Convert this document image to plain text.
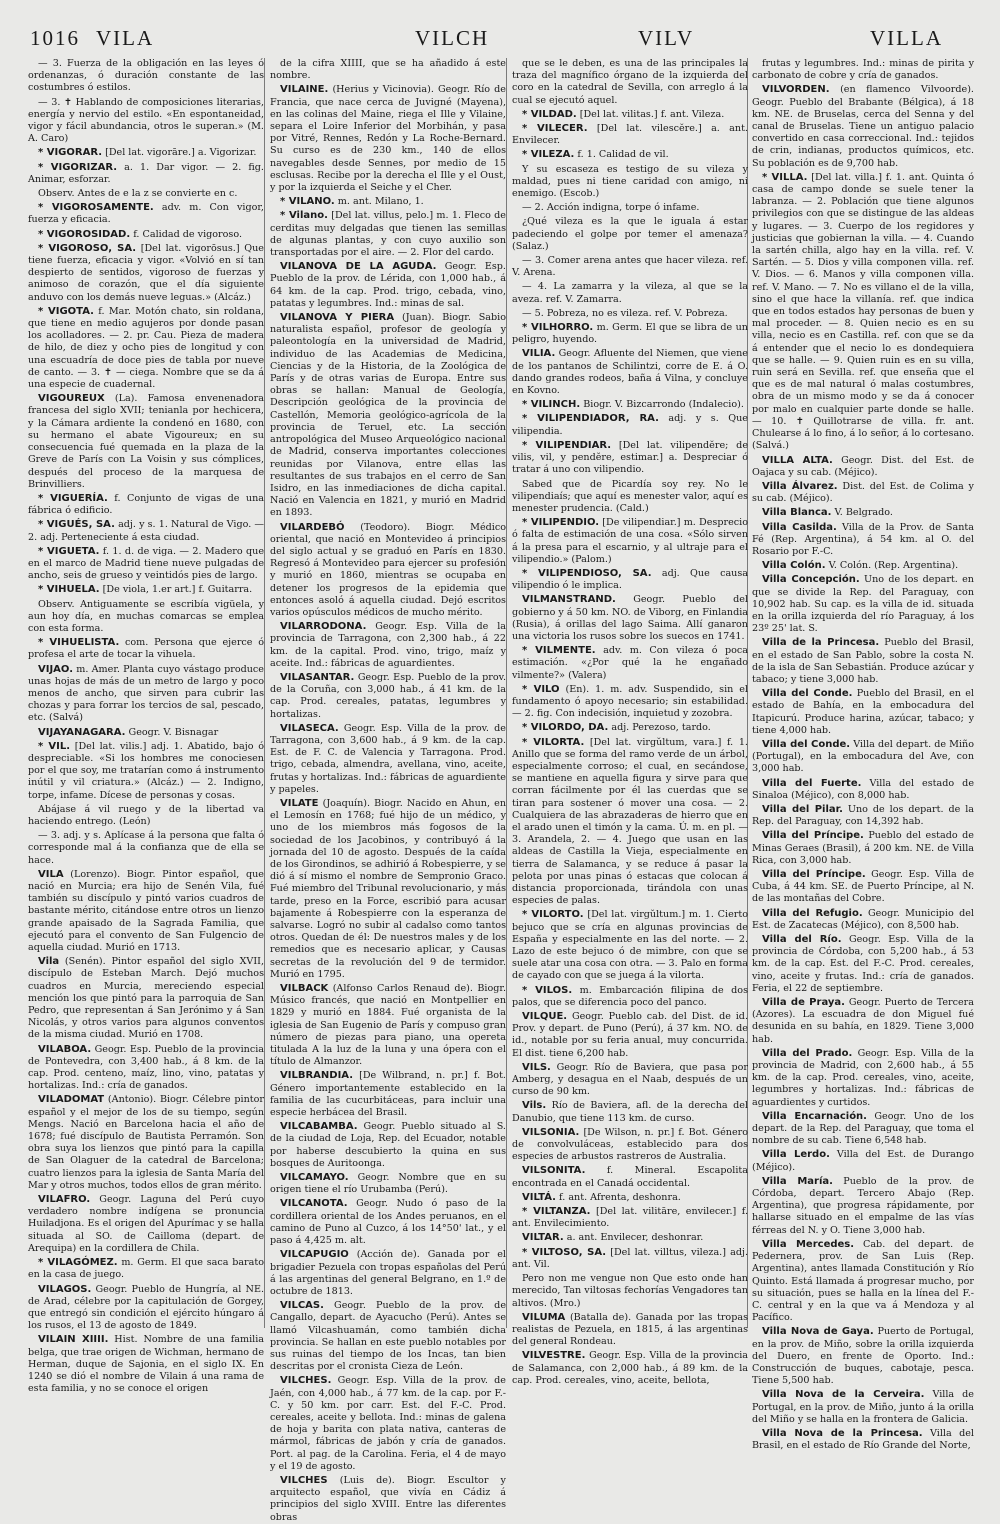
1016 VILA	VILCH	VILV	VILLA

— 3. Fuerza de la obligación en las leyes ó ordenanzas, ó duración constante de las costumbres ó estilos.

— 3. ✝ Hablando de composiciones literarias, energía y nervio del estilo. «En espontaneidad, vigor y fácil abundancia, otros le superan.» (M. A. Caro)

* VIGORAR. [Del lat. vigorāre.] a. Vigorizar.

* VIGORIZAR. a. 1. Dar vigor. — 2. fig. Animar, esforzar.

Observ. Antes de e la z se convierte en c.

* VIGOROSAMENTE. adv. m. Con vigor, fuerza y eficacia.

* VIGOROSIDAD. f. Calidad de vigoroso.

* VIGOROSO, SA. [Del lat. vigorōsus.] Que tiene fuerza, eficacia y vigor. «Volvió en sí tan despierto de sentidos, vigoroso de fuerzas y animoso de corazón, que el día siguiente anduvo con los demás nueve leguas.» (Alcáz.)

* VIGOTA. f. Mar. Motón chato, sin roldana, que tiene en medio agujeros por donde pasan los acolladores. — 2. pr. Cau. Pieza de madera de hilo, de diez y ocho pies de longitud y con una escuadría de doce pies de tabla por nueve de canto. — 3. ✝ — ciega. Nombre que se da á una especie de cuadernal.

VIGOUREUX (La). Famosa envenenadora francesa del siglo XVII; tenianla por hechicera, y la Cámara ardiente la condenó en 1680, con su hermano el abate Vigoureux; en su consecuencia fué quemada en la plaza de la Greve de París con La Voisin y sus cómplices, después del proceso de la marquesa de Brinvilliers.

* VIGUERÍA. f. Conjunto de vigas de una fábrica ó edificio.

* VIGUÉS, SA. adj. y s. 1. Natural de Vigo. — 2. adj. Perteneciente á esta ciudad.

* VIGUETA. f. 1. d. de viga. — 2. Madero que en el marco de Madrid tiene nueve pulgadas de ancho, seis de grueso y veintidós pies de largo.

* VIHUELA. [De viola, 1.er art.] f. Guitarra.

Observ. Antiguamente se escribía vigüela, y aun hoy día, en muchas comarcas se emplea con esta forma.

* VIHUELISTA. com. Persona que ejerce ó profesa el arte de tocar la vihuela.

VIJAO. m. Amer. Planta cuyo vástago produce unas hojas de más de un metro de largo y poco menos de ancho, que sirven para cubrir las chozas y para forrar los tercios de sal, pescado, etc. (Salvá)

VIJAYANAGARA. Geogr. V. Bisnagar

* VIL. [Del lat. vilis.] adj. 1. Abatido, bajo ó despreciable. «Si los hombres me conociesen por el que soy, me tratarían como á instrumento inútil y vil criatura.» (Alcáz.) — 2. Indigno, torpe, infame. Dícese de personas y cosas.

Abájase á vil ruego y de la libertad va haciendo entrego. (León)

— 3. adj. y s. Aplícase á la persona que falta ó corresponde mal á la confianza que de ella se hace.

VILA (Lorenzo). Biogr. Pintor español, que nació en Murcia; era hijo de Senén Vila, fué también su discípulo y pintó varios cuadros de bastante mérito, citándose entre otros un lienzo grande apaisado de la Sagrada Familia, que ejecutó para el convento de San Fulgencio de aquella ciudad. Murió en 1713.

Vila (Senén). Pintor español del siglo XVII, discípulo de Esteban March. Dejó muchos cuadros en Murcia, mereciendo especial mención los que pintó para la parroquia de San Pedro, que representan á San Jerónimo y á San Nicolás, y otros varios para algunos conventos de la misma ciudad. Murió en 1708.

VILABOA. Geogr. Esp. Pueblo de la provincia de Pontevedra, con 3,400 hab., á 8 km. de la cap. Prod. centeno, maíz, lino, vino, patatas y hortalizas. Ind.: cría de ganados.

VILADOMAT (Antonio). Biogr. Célebre pintor español y el mejor de los de su tiempo, según Mengs. Nació en Barcelona hacia el año de 1678; fué discípulo de Bautista Perramón. Son obra suya los lienzos que pintó para la capilla de San Olaguer de la catedral de Barcelona; cuatro lienzos para la iglesia de Santa María del Mar y otros muchos, todos ellos de gran mérito.

VILAFRO. Geogr. Laguna del Perú cuyo verdadero nombre indígena se pronuncia Huiladjona. Es el origen del Apurímac y se halla situada al SO. de Cailloma (depart. de Arequipa) en la cordillera de Chila.

* VILAGÓMEZ. m. Germ. El que saca barato en la casa de juego.

VILAGOS. Geogr. Pueblo de Hungría, al NE. de Arad, célebre por la capitulación de Gorgey, que entregó sin condición el ejército húngaro á los rusos, el 13 de agosto de 1849.

VILAIN XIIII. Hist. Nombre de una familia belga, que trae origen de Wichman, hermano de Herman, duque de Sajonia, en el siglo IX. En 1240 se dió el nombre de Vilain á una rama de esta familia, y no se conoce el origen

de la cifra XIIII, que se ha añadido á este nombre.

VILAINE. (Herius y Vicinovia). Geogr. Río de Francia, que nace cerca de Juvigné (Mayena), en las colinas del Maine, riega el Ille y Vilaine, separa el Loire Inferior del Morbihán, y pasa por Vitré, Rennes, Redón y La Roche-Bernard. Su curso es de 230 km., 140 de ellos navegables desde Sennes, por medio de 15 esclusas. Recibe por la derecha el Ille y el Oust, y por la izquierda el Seiche y el Cher.

* VILANO. m. ant. Milano, 1.

* Vilano. [Del lat. villus, pelo.] m. 1. Fleco de cerditas muy delgadas que tienen las semillas de algunas plantas, y con cuyo auxilio son transportadas por el aire. — 2. Flor del cardo.

VILANOVA DE LA AGUDA. Geogr. Esp. Pueblo de la prov. de Lérida, con 1,000 hab., á 64 km. de la cap. Prod. trigo, cebada, vino, patatas y legumbres. Ind.: minas de sal.

VILANOVA Y PIERA (Juan). Biogr. Sabio naturalista español, profesor de geología y paleontología en la universidad de Madrid, individuo de las Academias de Medicina, Ciencias y de la Historia, de la Zoológica de París y de otras varias de Europa. Entre sus obras se hallan: Manual de Geología, Descripción geológica de la provincia de Castellón, Memoria geológico-agrícola de la provincia de Teruel, etc. La sección antropológica del Museo Arqueológico nacional de Madrid, conserva importantes colecciones reunidas por Vilanova, entre ellas las resultantes de sus trabajos en el cerro de San Isidro, en las inmediaciones de dicha capital. Nació en Valencia en 1821, y murió en Madrid en 1893.

VILARDEBÓ (Teodoro). Biogr. Médico oriental, que nació en Montevideo á principios del siglo actual y se graduó en París en 1830. Regresó á Montevideo para ejercer su profesión y murió en 1860, mientras se ocupaba en detener los progresos de la epidemia que entonces asoló á aquella ciudad. Dejó escritos varios opúsculos médicos de mucho mérito.

VILARRODONA. Geogr. Esp. Villa de la provincia de Tarragona, con 2,300 hab., á 22 km. de la capital. Prod. vino, trigo, maíz y aceite. Ind.: fábricas de aguardientes.

VILASANTAR. Geogr. Esp. Pueblo de la prov. de la Coruña, con 3,000 hab., á 41 km. de la cap. Prod. cereales, patatas, legumbres y hortalizas.

VILASECA. Geogr. Esp. Villa de la prov. de Tarragona, con 3,600 hab., á 9 km. de la cap. Est. de F. C. de Valencia y Tarragona. Prod. trigo, cebada, almendra, avellana, vino, aceite, frutas y hortalizas. Ind.: fábricas de aguardiente y papeles.

VILATE (Joaquín). Biogr. Nacido en Ahun, en el Lemosín en 1768; fué hijo de un médico, y uno de los miembros más fogosos de la sociedad de los Jacobinos, y contribuyó á la jornada del 10 de agosto. Después de la caída de los Girondinos, se adhirió á Robespierre, y se dió á sí mismo el nombre de Sempronio Graco. Fué miembro del Tribunal revolucionario, y más tarde, preso en la Force, escribió para acusar bajamente á Robespierre con la esperanza de salvarse. Logró no subir al cadalso como tantos otros. Quedan de él: De nuestros males y de los remedios que es necesario aplicar, y Causas secretas de la revolución del 9 de termidor. Murió en 1795.

VILBACK (Alfonso Carlos Renaud de). Biogr. Músico francés, que nació en Montpellier en 1829 y murió en 1884. Fué organista de la iglesia de San Eugenio de París y compuso gran número de piezas para piano, una opereta titulada A la luz de la luna y una ópera con el título de Almanzor.

VILBRANDIA. [De Wilbrand, n. pr.] f. Bot. Género importantemente establecido en la familia de las cucurbitáceas, para incluir una especie herbácea del Brasil.

VILCABAMBA. Geogr. Pueblo situado al S. de la ciudad de Loja, Rep. del Ecuador, notable por haberse descubierto la quina en sus bosques de Auritoonga.

VILCAMAYO. Geogr. Nombre que en su origen tiene el río Urubamba (Perú).

VILCANOTA. Geogr. Nudo ó paso de la cordillera oriental de los Andes peruanos, en el camino de Puno al Cuzco, á los 14°50' lat., y el paso á 4,425 m. alt.

VILCAPUGIO (Acción de). Ganada por el brigadier Pezuela con tropas españolas del Perú á las argentinas del general Belgrano, en 1.º de octubre de 1813.

VILCAS. Geogr. Pueblo de la prov. de Cangallo, depart. de Ayacucho (Perú). Antes se llamó Vilcashuamán, como también dicha provincia. Se hallan en este pueblo notables por sus ruinas del tiempo de los Incas, tan bien descritas por el cronista Cieza de León.

VILCHES. Geogr. Esp. Villa de la prov. de Jaén, con 4,000 hab., á 77 km. de la cap. por F.-C. y 50 km. por carr. Est. del F.-C. Prod. cereales, aceite y bellota. Ind.: minas de galena de hoja y barita con plata nativa, canteras de mármol, fábricas de jabón y cría de ganados. Port. al pag. de la Carolina. Feria, el 4 de mayo y el 19 de agosto.

VILCHES (Luis de). Biogr. Escultor y arquitecto español, que vivía en Cádiz á principios del siglo XVIII. Entre las diferentes obras

que se le deben, es una de las principales la traza del magnífico órgano de la izquierda del coro en la catedral de Sevilla, con arreglo á la cual se ejecutó aquel.

* VILDAD. [Del lat. vilitas.] f. ant. Vileza.

* VILECER. [Del lat. vilescĕre.] a. ant. Envilecer.

* VILEZA. f. 1. Calidad de vil.

Y su escaseza es testigo de su vileza y maldad, pues ni tiene caridad con amigo, ni enemigo. (Escob.)

— 2. Acción indigna, torpe ó infame.

¿Qué vileza es la que le iguala á estar padeciendo el golpe por temer el amenaza? (Salaz.)

— 3. Comer arena antes que hacer vileza. ref. V. Arena.

— 4. La zamarra y la vileza, al que se la aveza. ref. V. Zamarra.

— 5. Pobreza, no es vileza. ref. V. Pobreza.

* VILHORRO. m. Germ. El que se libra de un peligro, huyendo.

VILIA. Geogr. Afluente del Niemen, que viene de los pantanos de Schilintzi, corre de E. á O. dando grandes rodeos, baña á Vilna, y concluye en Kovno.

* VILINCH. Biogr. V. Bizcarrondo (Indalecio).

* VILIPENDIADOR, RA. adj. y s. Que vilipendia.

* VILIPENDIAR. [Del lat. vilipendĕre; de vilis, vil, y pendĕre, estimar.] a. Despreciar ó tratar á uno con vilipendio.

Sabed que de Picardía soy rey. No le vilipendiaís; que aquí es menester valor, aquí es menester prudencia. (Cald.)

* VILIPENDIO. [De vilipendiar.] m. Desprecio ó falta de estimación de una cosa. «Sólo sirven á la presa para el escarnio, y al ultraje para el vilipendio.» (Palom.)

* VILIPENDIOSO, SA. adj. Que causa vilipendio ó le implica.

VILMANSTRAND. Geogr. Pueblo del gobierno y á 50 km. NO. de Viborg, en Finlandia (Rusia), á orillas del lago Saima. Allí ganaron una victoria los rusos sobre los suecos en 1741.

* VILMENTE. adv. m. Con vileza ó poca estimación. «¿Por qué la he engañado vilmente?» (Valera)

* VILO (En). 1. m. adv. Suspendido, sin el fundamento ó apoyo necesario; sin estabilidad. — 2. fig. Con indecisión, inquietud y zozobra.

* VILORDO, DA. adj. Perezoso, tardo.

* VILORTA. [Del lat. virgŭltum, vara.] f. 1. Anillo que se forma del ramo verde de un árbol, especialmente corroso; el cual, en secándose, se mantiene en aquella figura y sirve para que corran fácilmente por él las cuerdas que se tiran para sostener ó mover una cosa. — 2. Cualquiera de las abrazaderas de hierro que en el arado unen el timón y la cama. Ú. m. en pl. — 3. Arandela, 2. — 4. Juego que usan en las aldeas de Castilla la Vieja, especialmente en tierra de Salamanca, y se reduce á pasar la pelota por unas pinas ó estacas que colocan á distancia proporcionada, tirándola con unas especies de palas.

* VILORTO. [Del lat. virgŭltum.] m. 1. Cierto bejuco que se cría en algunas provincias de España y especialmente en las del norte. — 2. Lazo de este bejuco ó de mimbre, con que se suele atar una cosa con otra. — 3. Palo en forma de cayado con que se juega á la vilorta.

* VILOS. m. Embarcación filipina de dos palos, que se diferencia poco del panco.

VILQUE. Geogr. Pueblo cab. del Dist. de id. Prov. y depart. de Puno (Perú), á 37 km. NO. de id., notable por su feria anual, muy concurrida. El dist. tiene 6,200 hab.

VILS. Geogr. Río de Baviera, que pasa por Amberg, y desagua en el Naab, después de un curso de 90 km.

Vils. Río de Baviera, afl. de la derecha del Danubio, que tiene 113 km. de curso.

VILSONIA. [De Wilson, n. pr.] f. Bot. Género de convolvuláceas, establecido para dos especies de arbustos rastreros de Australia.

VILSONITA. f. Mineral. Escapolita encontrada en el Canadá occidental.

VILTÁ. f. ant. Afrenta, deshonra.

* VILTANZA. [Del lat. vilitāre, envilecer.] f. ant. Envilecimiento.

VILTAR. a. ant. Envilecer, deshonrar.

* VILTOSO, SA. [Del lat. villtus, vileza.] adj. ant. Vil.

Pero non me vengue non Que esto onde han merecido, Tan viltosas fechorías Vengadores tan altivos. (Mro.)

VILUMA (Batalla de). Ganada por las tropas realistas de Pezuela, en 1815, á las argentinas del general Rondeau.

VILVESTRE. Geogr. Esp. Villa de la provincia de Salamanca, con 2,000 hab., á 89 km. de la cap. Prod. cereales, vino, aceite, bellota,

frutas y legumbres. Ind.: minas de pirita y carbonato de cobre y cría de ganados.

VILVORDEN. (en flamenco Vilvoorde). Geogr. Pueblo del Brabante (Bélgica), á 18 km. NE. de Bruselas, cerca del Senna y del canal de Bruselas. Tiene un antiguo palacio convertido en casa correccional. Ind.: tejidos de crin, indianas, productos químicos, etc. Su población es de 9,700 hab.

* VILLA. [Del lat. villa.] f. 1. ant. Quinta ó casa de campo donde se suele tener la labranza. — 2. Población que tiene algunos privilegios con que se distingue de las aldeas y lugares. — 3. Cuerpo de los regidores y justicias que gobiernan la villa. — 4. Cuando la sartén chilla, algo hay en la villa. ref. V. Sartén. — 5. Dios y villa componen villa. ref. V. Dios. — 6. Manos y villa componen villa. ref. V. Mano. — 7. No es villano el de la villa, sino el que hace la villanía. ref. que indica que en todos estados hay personas de buen y mal proceder. — 8. Quien necio es en su villa, necio es en Castilla. ref. con que se da á entender que el necio lo es dondequiera que se halle. — 9. Quien ruin es en su villa, ruin será en Sevilla. ref. que enseña que el que es de mal natural ó malas costumbres, obra de un mismo modo y se da á conocer por malo en cualquier parte donde se halle. — 10. ✝ Quillotrarse de villa. fr. ant. Chulearse á lo fino, á lo señor, á lo cortesano. (Salvá.)

VILLA ALTA. Geogr. Dist. del Est. de Oajaca y su cab. (Méjico).

Villa Álvarez. Dist. del Est. de Colima y su cab. (Méjico).

Villa Blanca. V. Belgrado.

Villa Casilda. Villa de la Prov. de Santa Fé (Rep. Argentina), á 54 km. al O. del Rosario por F.-C.

Villa Colón. V. Colón. (Rep. Argentina).

Villa Concepción. Uno de los depart. en que se divide la Rep. del Paraguay, con 10,902 hab. Su cap. es la villa de id. situada en la orilla izquierda del río Paraguay, á los 23º 25' lat. S.

Villa de la Princesa. Pueblo del Brasil, en el estado de San Pablo, sobre la costa N. de la isla de San Sebastián. Produce azúcar y tabaco; y tiene 3,000 hab.

Villa del Conde. Pueblo del Brasil, en el estado de Bahía, en la embocadura del Itapicurú. Produce harina, azúcar, tabaco; y tiene 4,000 hab.

Villa del Conde. Villa del depart. de Miño (Portugal), en la embocadura del Ave, con 3,000 hab.

Villa del Fuerte. Villa del estado de Sinaloa (Méjico), con 8,000 hab.

Villa del Pilar. Uno de los depart. de la Rep. del Paraguay, con 14,392 hab.

Villa del Príncipe. Pueblo del estado de Minas Geraes (Brasil), á 200 km. NE. de Villa Rica, con 3,000 hab.

Villa del Príncipe. Geogr. Esp. Villa de Cuba, á 44 km. SE. de Puerto Príncipe, al N. de las montañas del Cobre.

Villa del Refugio. Geogr. Municipio del Est. de Zacatecas (Méjico), con 8,500 hab.

Villa del Río. Geogr. Esp. Villa de la provincia de Córdoba, con 5,200 hab., á 53 km. de la cap. Est. del F.-C. Prod. cereales, vino, aceite y frutas. Ind.: cría de ganados. Feria, el 22 de septiembre.

Villa de Praya. Geogr. Puerto de Tercera (Azores). La escuadra de don Miguel fué desunida en su bahía, en 1829. Tiene 3,000 hab.

Villa del Prado. Geogr. Esp. Villa de la provincia de Madrid, con 2,600 hab., á 55 km. de la cap. Prod. cereales, vino, aceite, legumbres y hortalizas. Ind.: fábricas de aguardientes y curtidos.

Villa Encarnación. Geogr. Uno de los depart. de la Rep. del Paraguay, que toma el nombre de su cab. Tiene 6,548 hab.

Villa Lerdo. Villa del Est. de Durango (Méjico).

Villa María. Pueblo de la prov. de Córdoba, depart. Tercero Abajo (Rep. Argentina), que progresa rápidamente, por hallarse situado en el empalme de las vías férreas del N. y O. Tiene 3,000 hab.

Villa Mercedes. Cab. del depart. de Pedernera, prov. de San Luis (Rep. Argentina), antes llamada Constitución y Río Quinto. Está llamada á progresar mucho, por su situación, pues se halla en la línea del F.-C. central y en la que va á Mendoza y al Pacífico.

Villa Nova de Gaya. Puerto de Portugal, en la prov. de Miño, sobre la orilla izquierda del Duero, en frente de Oporto. Ind.: Construcción de buques, cabotaje, pesca. Tiene 5,500 hab.

Villa Nova de la Cerveira. Villa de Portugal, en la prov. de Miño, junto á la orilla del Miño y se halla en la frontera de Galicia.

Villa Nova de la Princesa. Villa del Brasil, en el estado de Río Grande del Norte,
